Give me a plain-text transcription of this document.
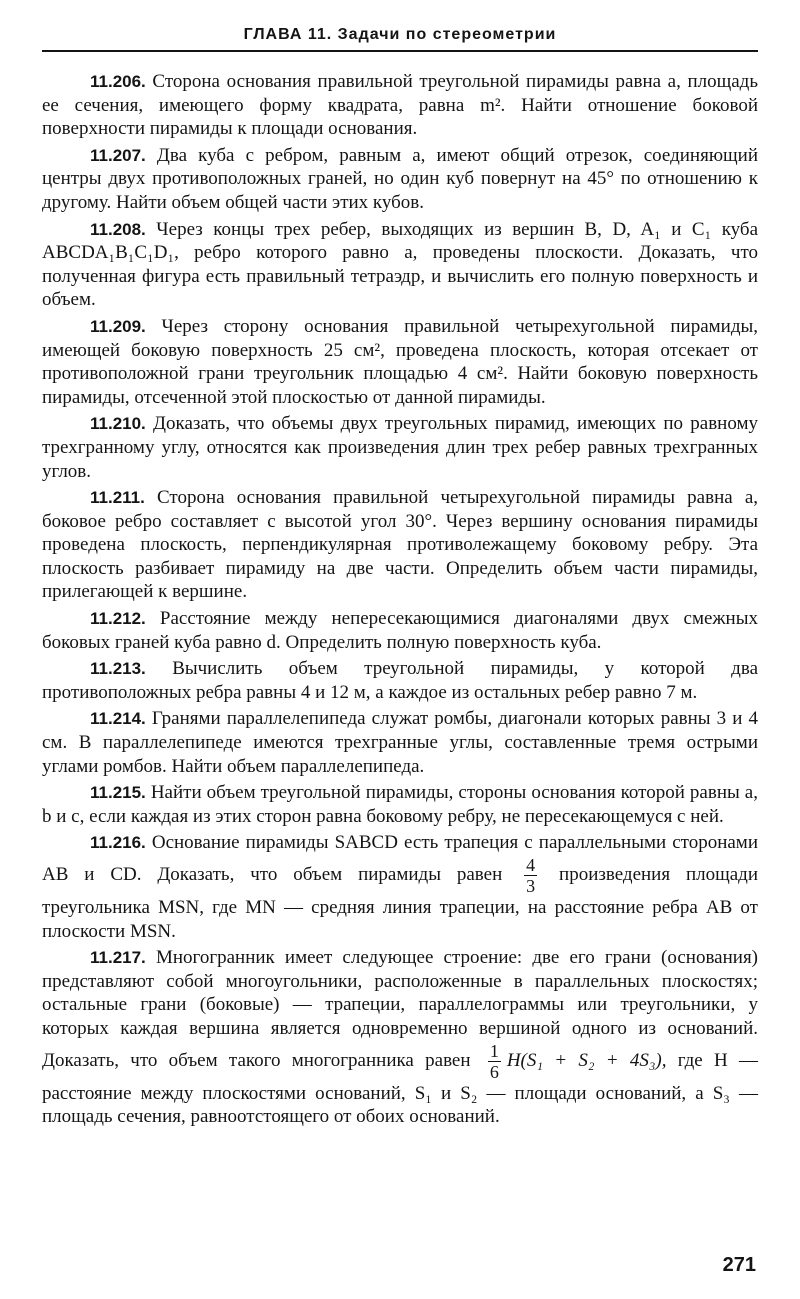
ГЛАВА 11. Задачи по стереометрии

11.206. Сторона основания правильной треугольной пирамиды равна a, площадь ее сечения, имеющего форму квадрата, равна m². Найти отношение боковой поверхности пирамиды к площади основания.

11.207. Два куба с ребром, равным a, имеют общий отрезок, соединяющий центры двух противоположных граней, но один куб повернут на 45° по отношению к другому. Найти объем общей части этих кубов.

11.208. Через концы трех ребер, выходящих из вершин B, D, A₁ и C₁ куба ABCDA₁B₁C₁D₁, ребро которого равно a, проведены плоскости. Доказать, что полученная фигура есть правильный тетраэдр, и вычислить его полную поверхность и объем.

11.209. Через сторону основания правильной четырехугольной пирамиды, имеющей боковую поверхность 25 см², проведена плоскость, которая отсекает от противоположной грани треугольник площадью 4 см². Найти боковую поверхность пирамиды, отсеченной этой плоскостью от данной пирамиды.

11.210. Доказать, что объемы двух треугольных пирамид, имеющих по равному трехгранному углу, относятся как произведения длин трех ребер равных трехгранных углов.

11.211. Сторона основания правильной четырехугольной пирамиды равна a, боковое ребро составляет с высотой угол 30°. Через вершину основания пирамиды проведена плоскость, перпендикулярная противолежащему боковому ребру. Эта плоскость разбивает пирамиду на две части. Определить объем части пирамиды, прилегающей к вершине.

11.212. Расстояние между непересекающимися диагоналями двух смежных боковых граней куба равно d. Определить полную поверхность куба.

11.213. Вычислить объем треугольной пирамиды, у которой два противоположных ребра равны 4 и 12 м, а каждое из остальных ребер равно 7 м.

11.214. Гранями параллелепипеда служат ромбы, диагонали которых равны 3 и 4 см. В параллелепипеде имеются трехгранные углы, составленные тремя острыми углами ромбов. Найти объем параллелепипеда.

11.215. Найти объем треугольной пирамиды, стороны основания которой равны a, b и c, если каждая из этих сторон равна боковому ребру, не пересекающемуся с ней.

11.216. Основание пирамиды SABCD есть трапеция с параллельными сторонами AB и CD. Доказать, что объем пирамиды равен $\frac{4}{3}$ произведения площади треугольника MSN, где MN — средняя линия трапеции, на расстояние ребра AB от плоскости MSN.

11.217. Многогранник имеет следующее строение: две его грани (основания) представляют собой многоугольники, расположенные в параллельных плоскостях; остальные грани (боковые) — трапеции, параллелограммы или треугольники, у которых каждая вершина является одновременно вершиной одного из оснований. Доказать, что объем такого многогранника равен $\frac{1}{6} H(S_1 + S_2 + 4S_3)$, где H — расстояние между плоскостями оснований, S₁ и S₂ — площади оснований, а S₃ — площадь сечения, равноотстоящего от обоих оснований.

271
